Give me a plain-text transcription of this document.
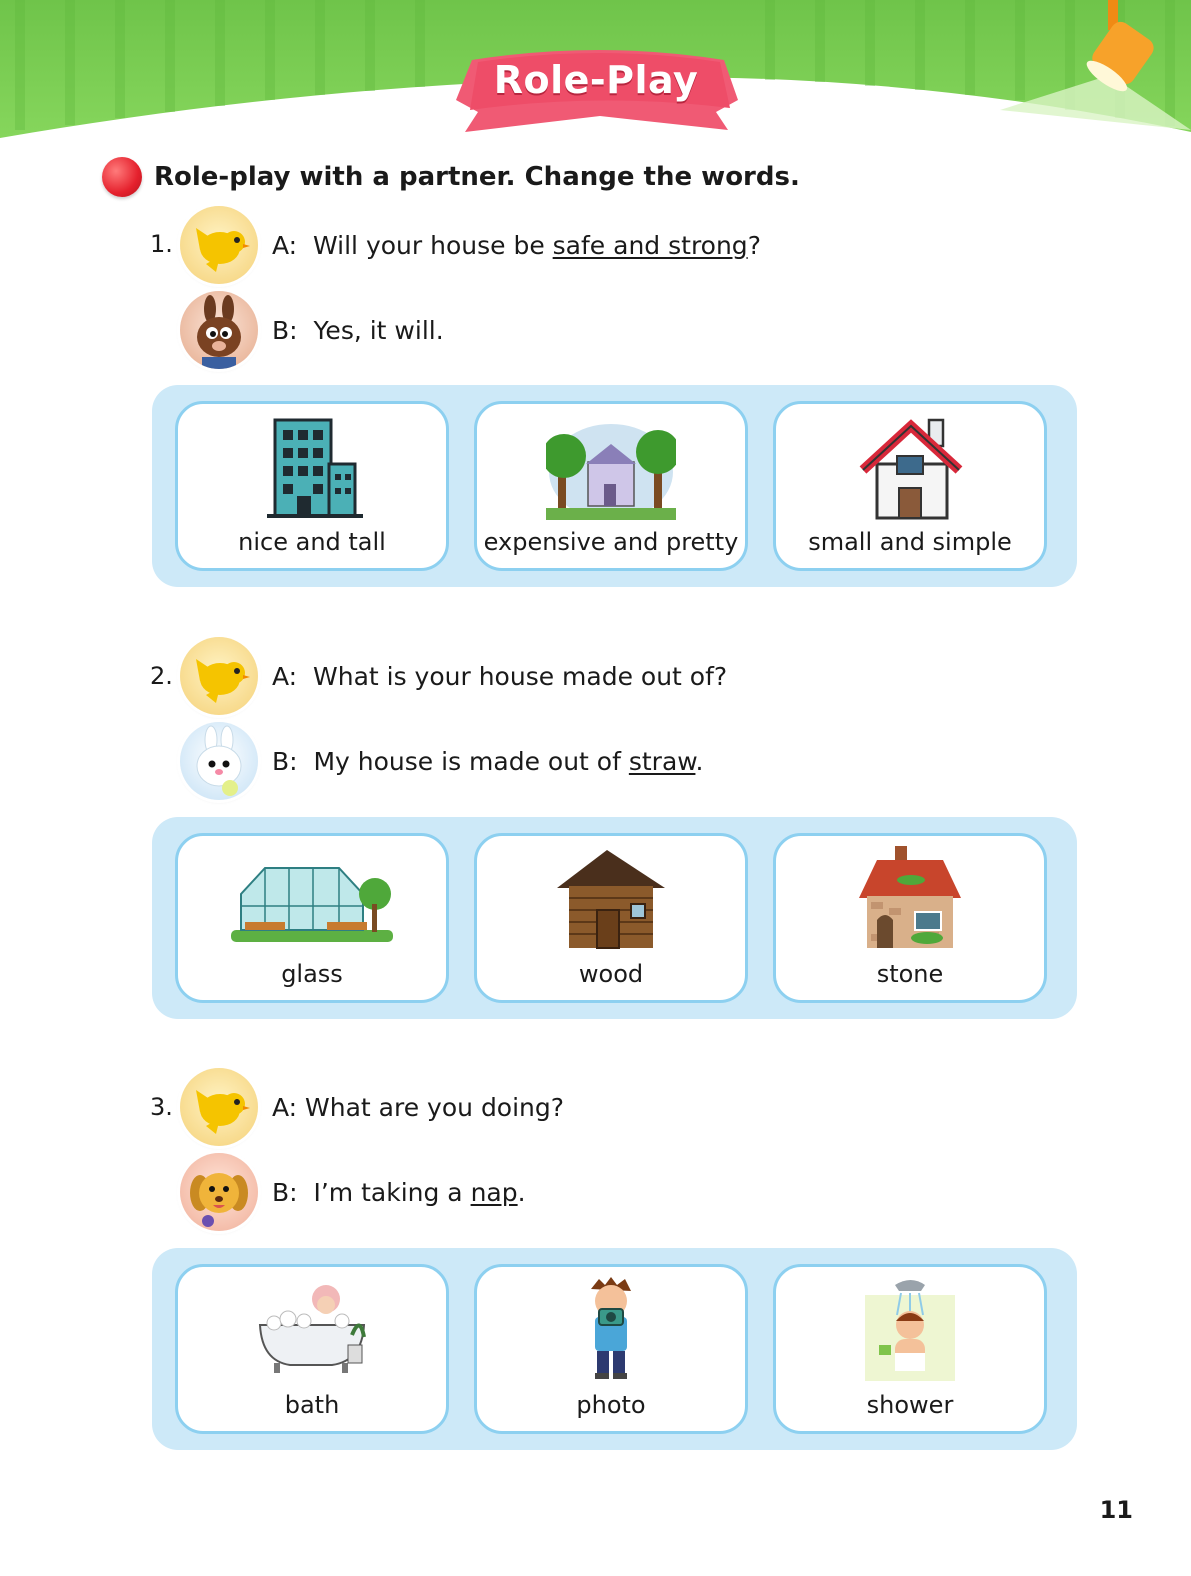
Role-Play
Role-play with a partner. Change the words.
1.	A: Will your house be safe and strong?
B: Yes, it will.
nice and tall	expensive and pretty	small and simple
2.	A: What is your house made out of?
B: My house is made out of straw.
glass	wood	stone
3.	A: What are you doing?
B: I’m taking a nap.
bath	photo	shower
11
